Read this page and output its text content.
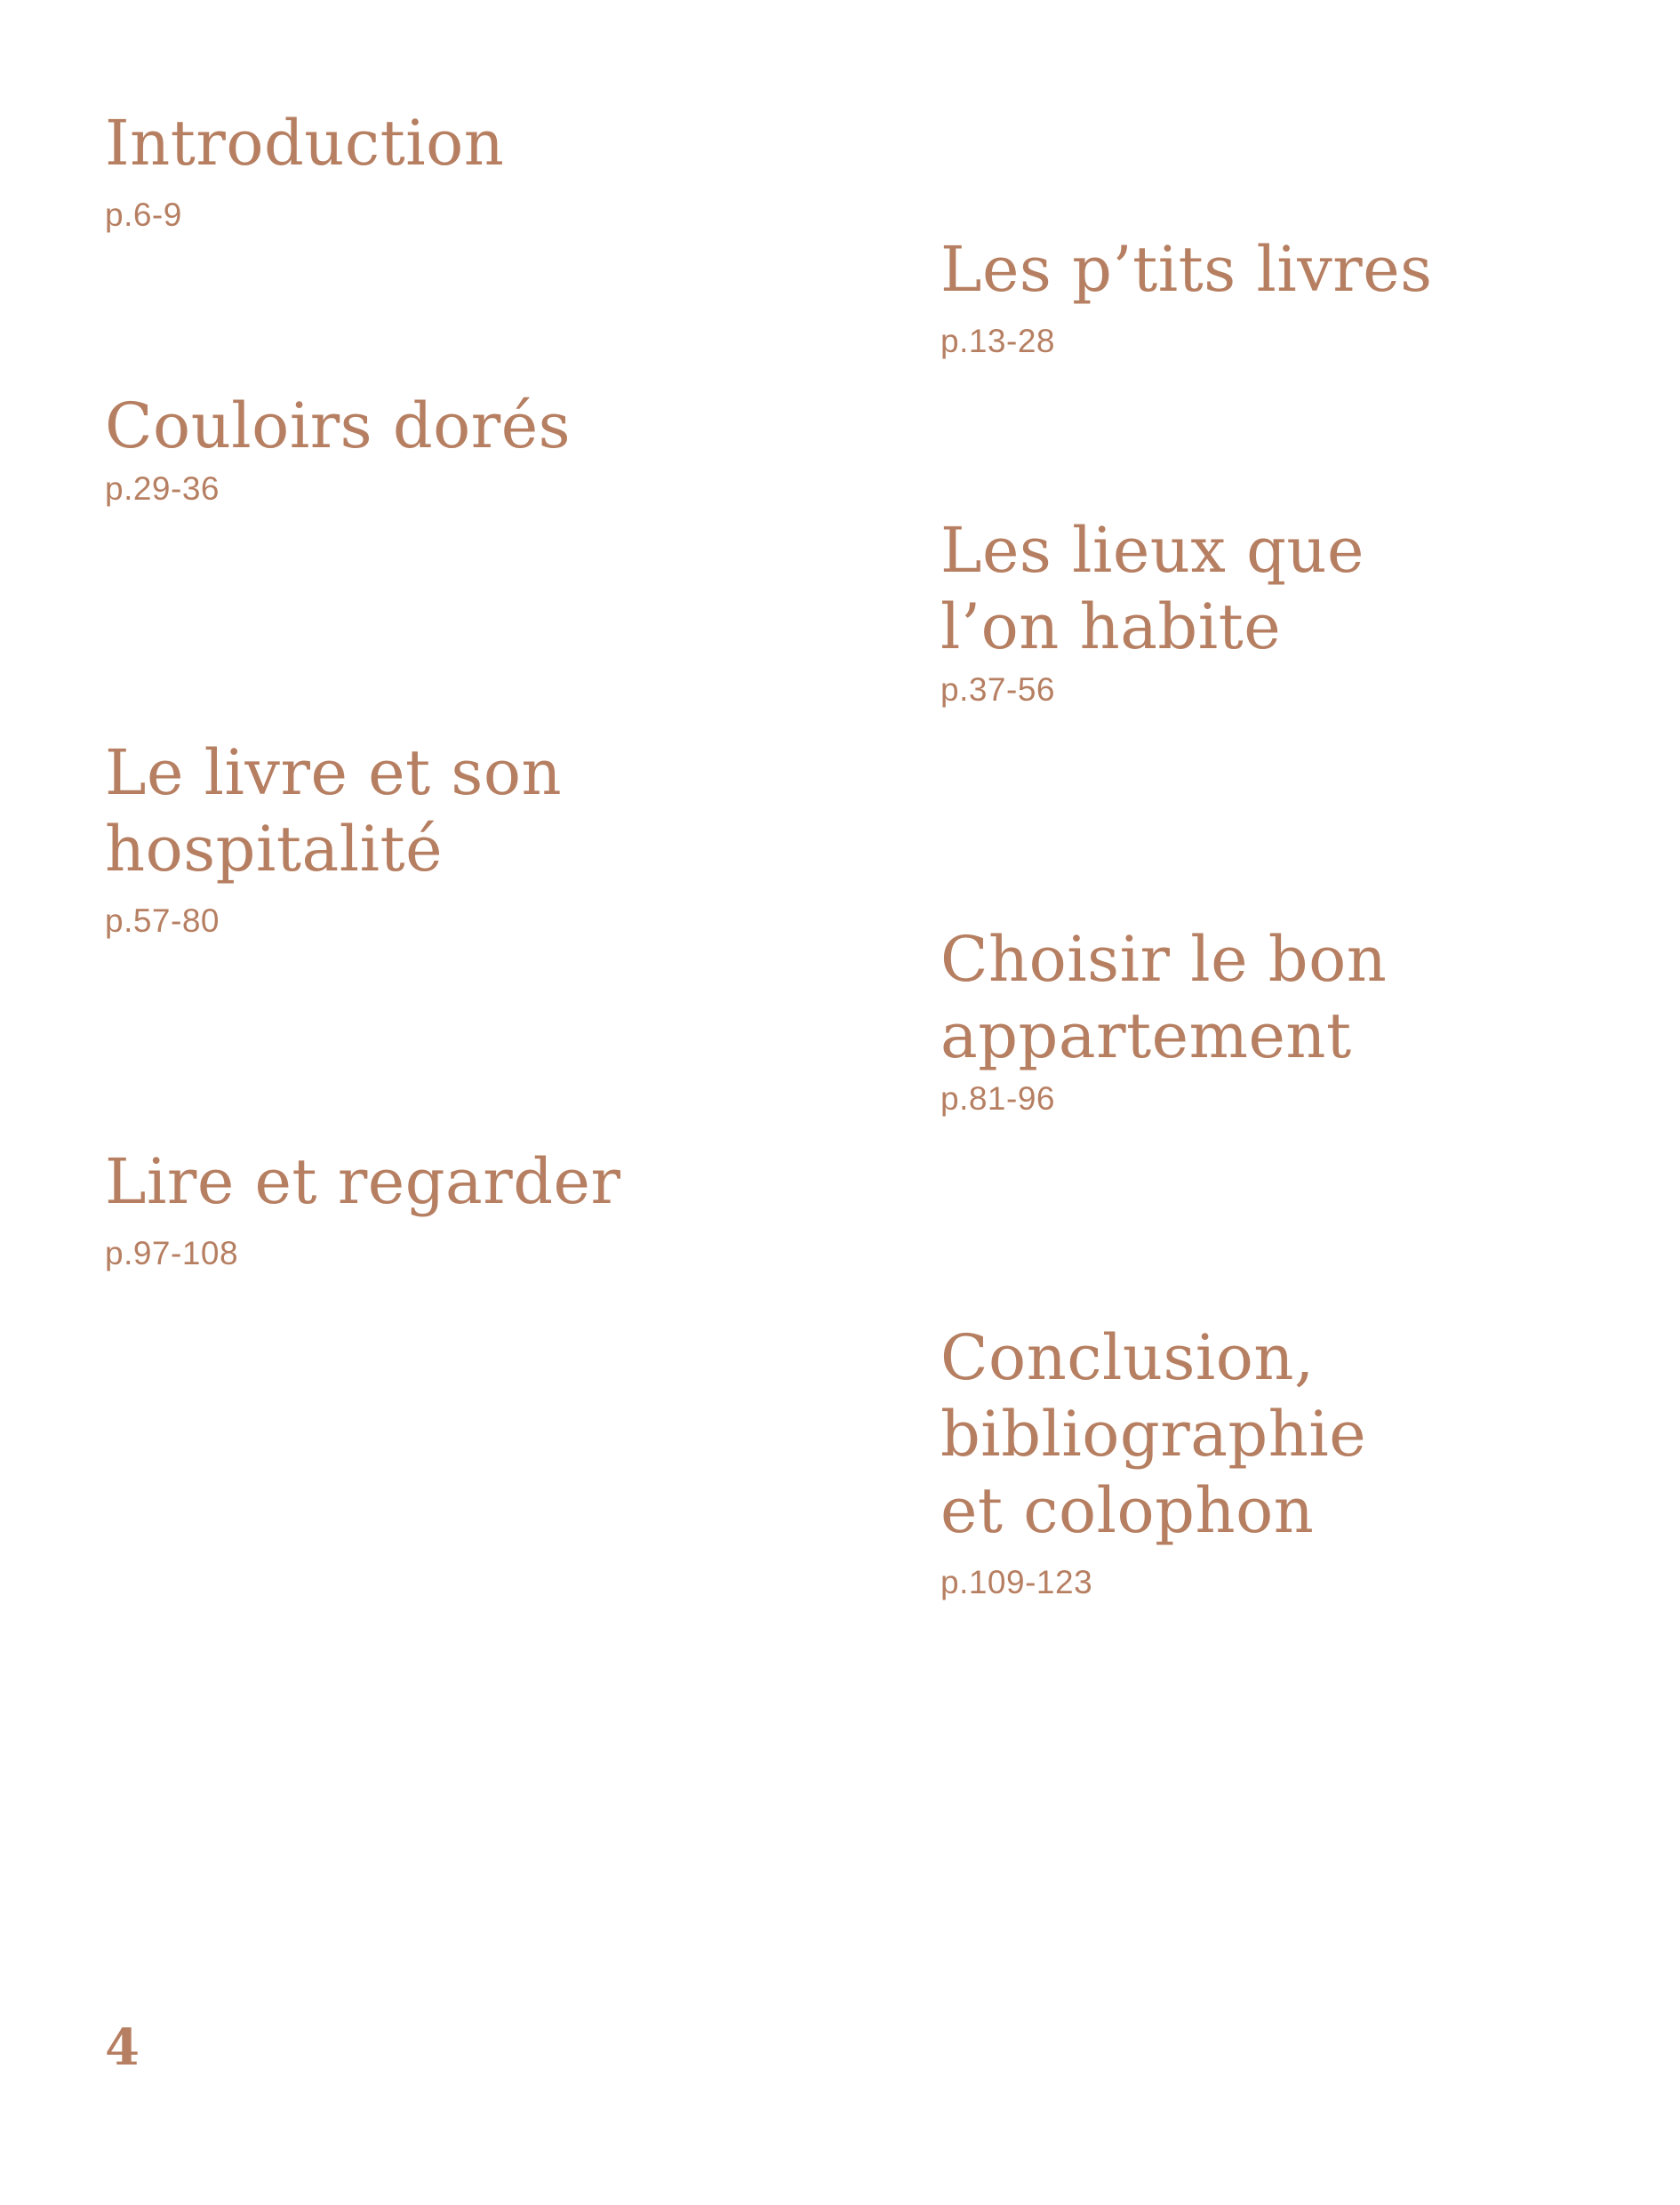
Introduction
p.6-9
Couloirs dorés
p.29-36
Le livre et son
hospitalité
p.57-80
Lire et regarder
p.97-108
Les p’tits livres
p.13-28
Les lieux que
l’on habite
p.37-56
Choisir le bon
appartement
p.81-96
Conclusion,
bibliographie
et colophon
p.109-123
4
